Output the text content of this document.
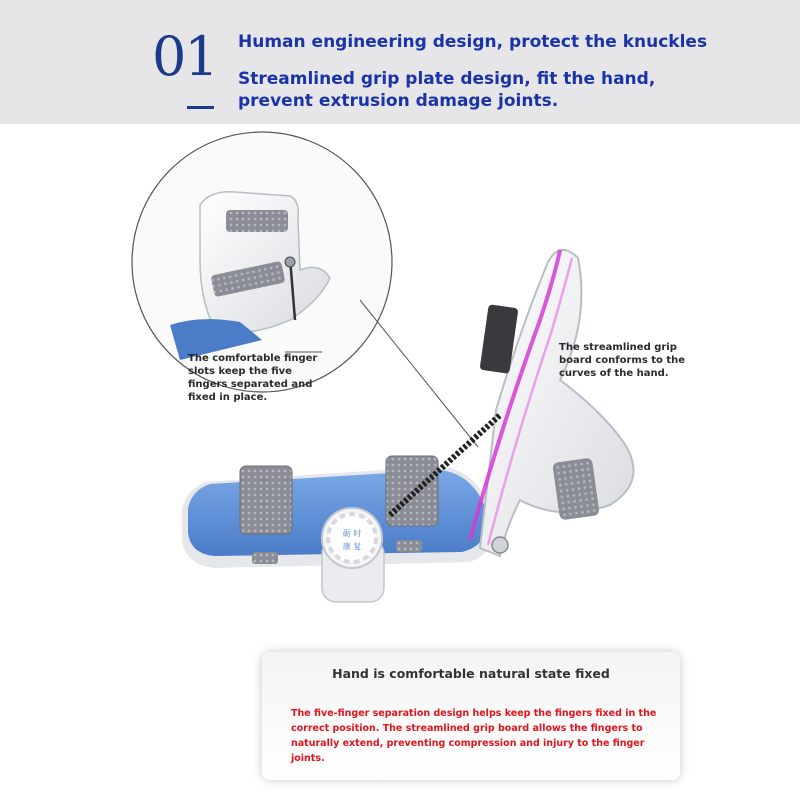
01 Human engineering design, protect the knuckles
Streamlined grip plate design, fit the hand, prevent extrusion damage joints.
砺 时
康 复
The comfortable finger slots keep the five fingers separated and fixed in place.
The streamlined grip board conforms to the curves of the hand.
Hand is comfortable natural state fixed
The five-finger separation design helps keep the fingers fixed in the correct position. The streamlined grip board allows the fingers to naturally extend, preventing compression and injury to the finger joints.
